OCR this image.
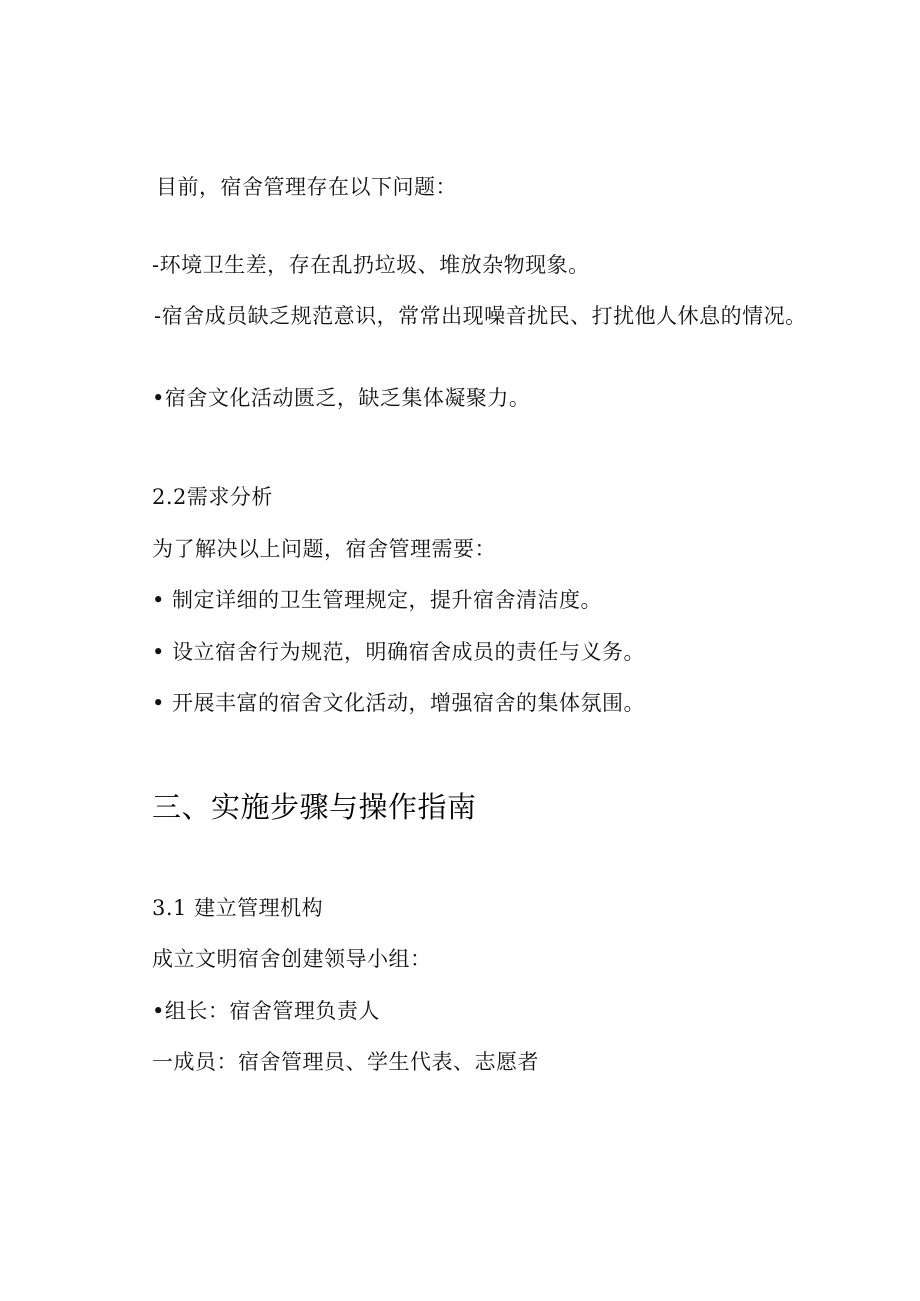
目前，宿舍管理存在以下问题：
-环境卫生差，存在乱扔垃圾、堆放杂物现象。
-宿舍成员缺乏规范意识，常常出现噪音扰民、打扰他人休息的情况。
•宿舍文化活动匮乏，缺乏集体凝聚力。
2.2需求分析
为了解决以上问题，宿舍管理需要：
• 制定详细的卫生管理规定，提升宿舍清洁度。
• 设立宿舍行为规范，明确宿舍成员的责任与义务。
• 开展丰富的宿舍文化活动，增强宿舍的集体氛围。
三、实施步骤与操作指南
3.1 建立管理机构
成立文明宿舍创建领导小组：
•组长：宿舍管理负责人
一成员：宿舍管理员、学生代表、志愿者
